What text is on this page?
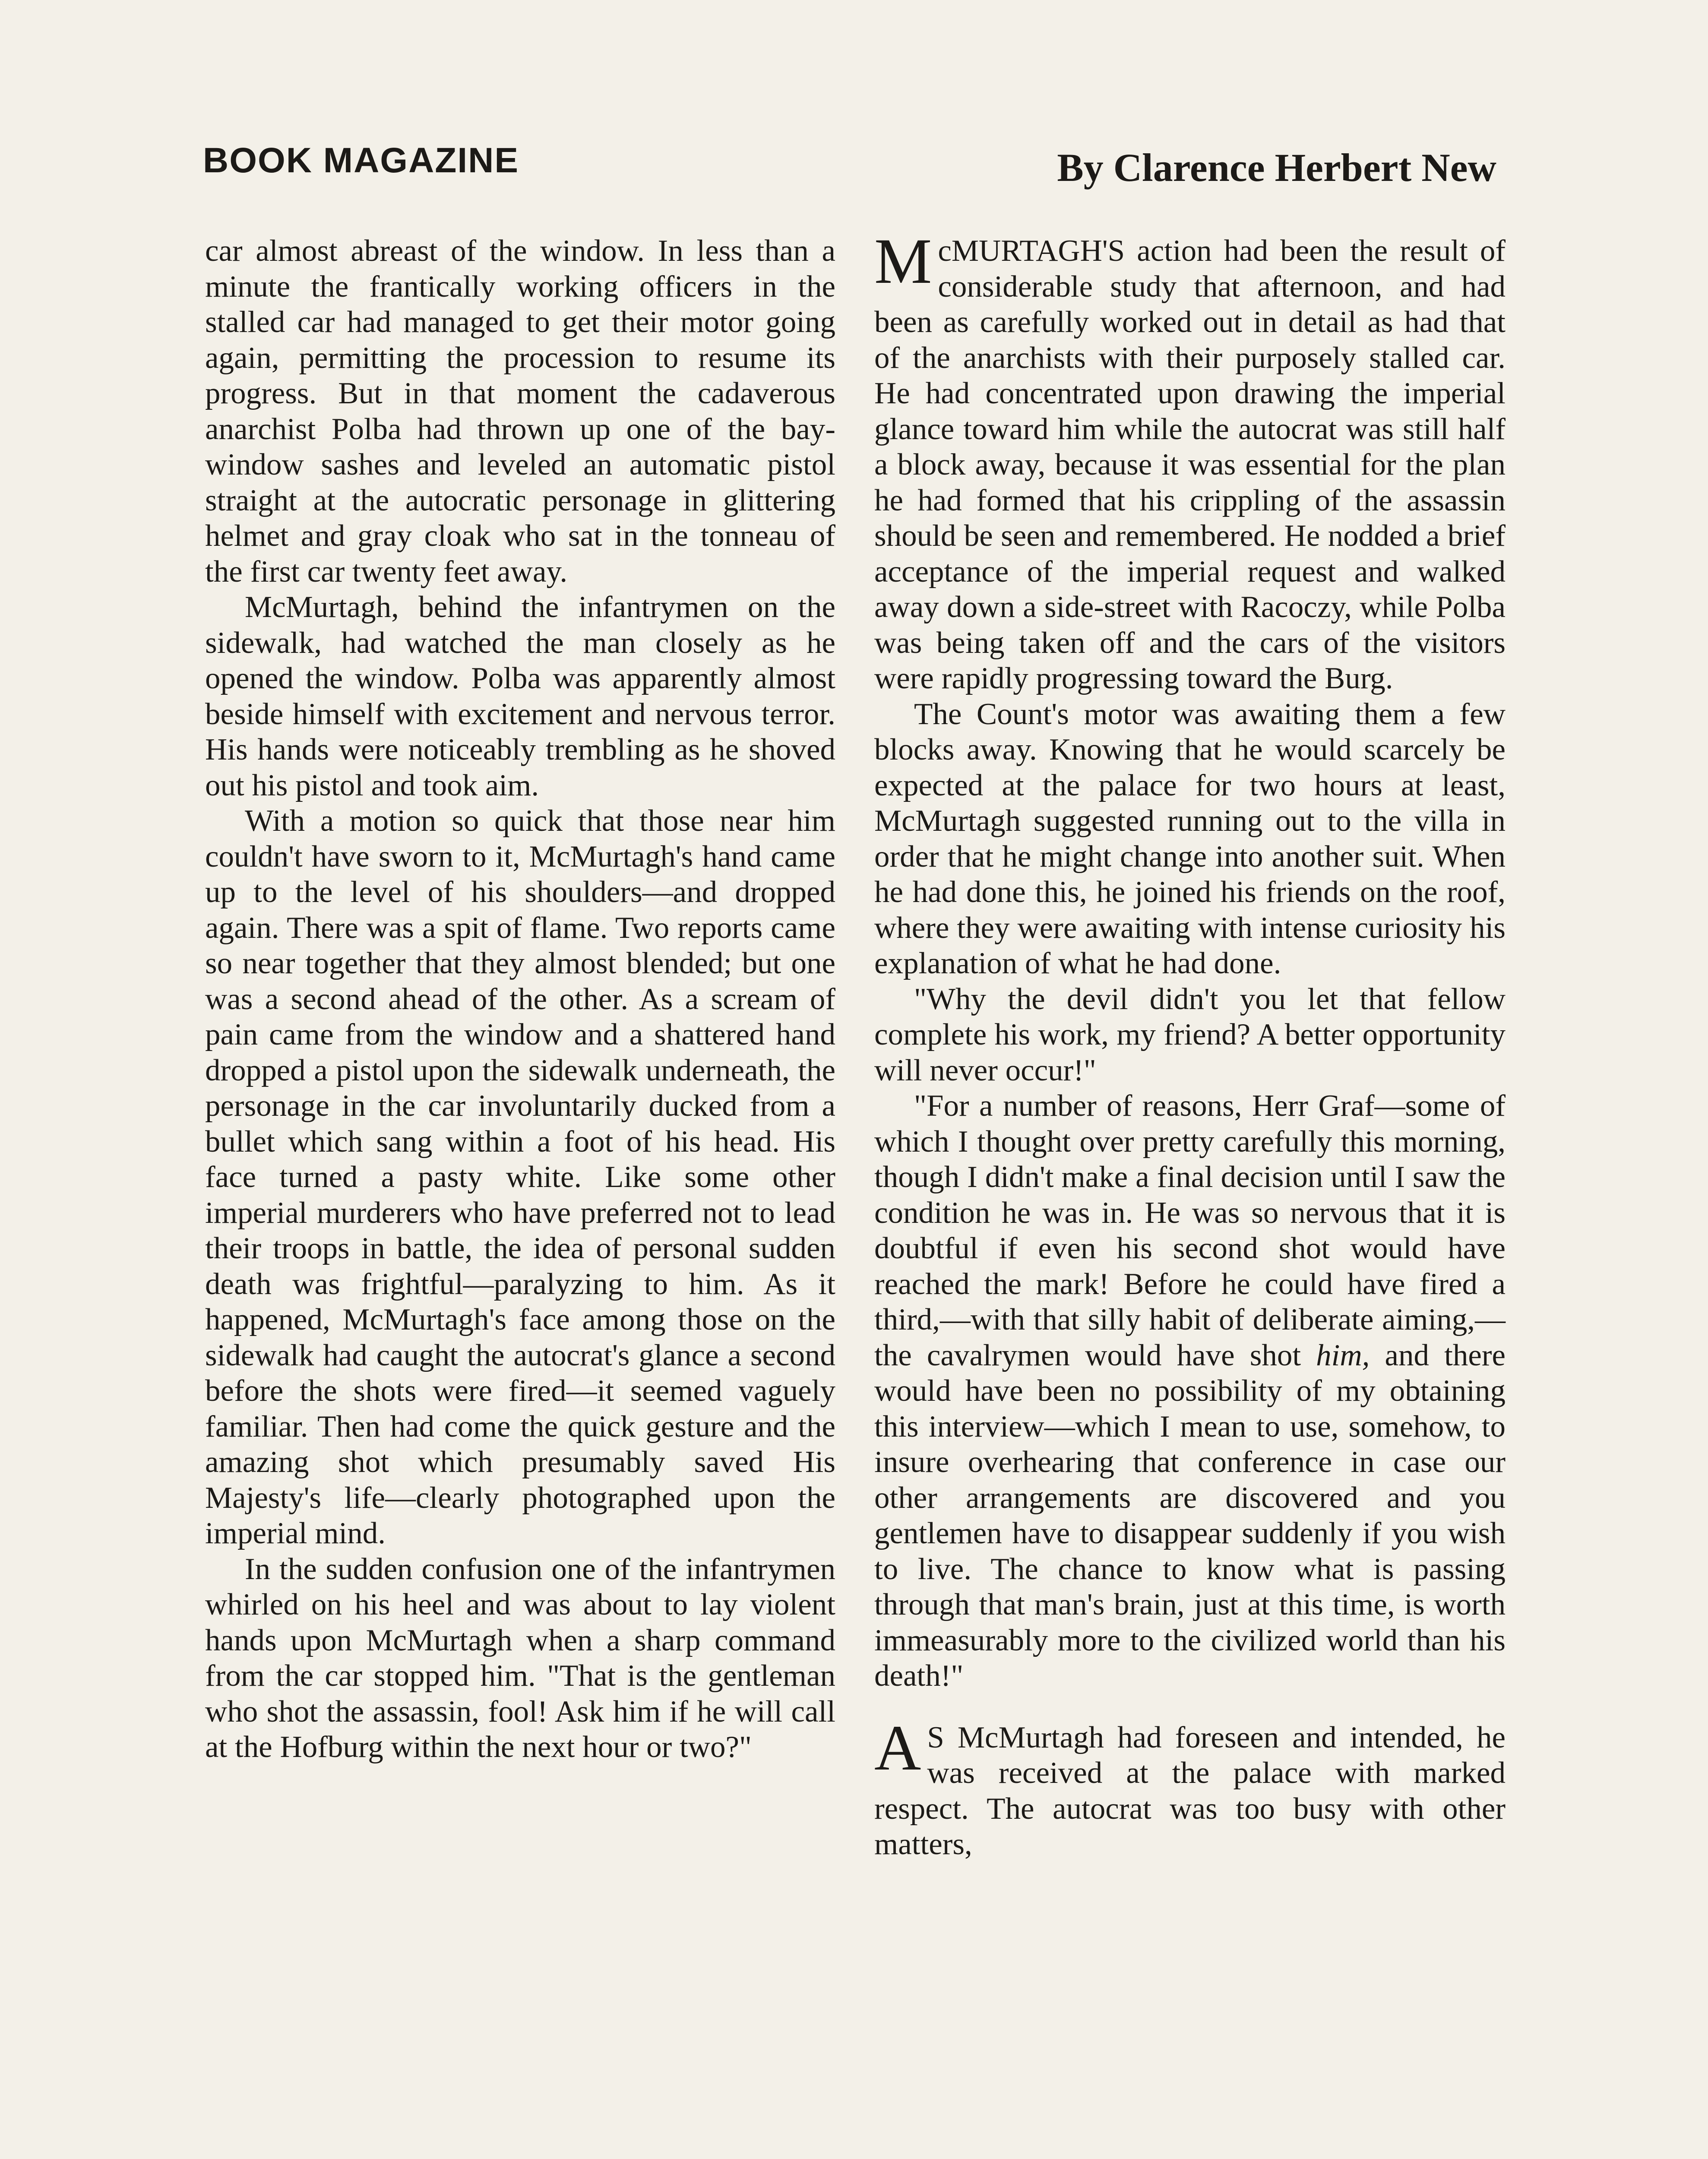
BOOK MAGAZINE	By Clarence Herbert New

car almost abreast of the window. In less than a minute the frantically working officers in the stalled car had managed to get their motor going again, permitting the procession to resume its progress. But in that moment the cadaverous anarchist Polba had thrown up one of the bay-window sashes and leveled an automatic pistol straight at the autocratic personage in glittering helmet and gray cloak who sat in the tonneau of the first car twenty feet away.

McMurtagh, behind the infantrymen on the sidewalk, had watched the man closely as he opened the window. Polba was apparently almost beside himself with excitement and nervous terror. His hands were noticeably trembling as he shoved out his pistol and took aim.

With a motion so quick that those near him couldn't have sworn to it, McMurtagh's hand came up to the level of his shoulders—and dropped again. There was a spit of flame. Two reports came so near together that they almost blended; but one was a second ahead of the other. As a scream of pain came from the window and a shattered hand dropped a pistol upon the sidewalk underneath, the personage in the car involuntarily ducked from a bullet which sang within a foot of his head. His face turned a pasty white. Like some other imperial murderers who have preferred not to lead their troops in battle, the idea of personal sudden death was frightful—paralyzing to him. As it happened, McMurtagh's face among those on the sidewalk had caught the autocrat's glance a second before the shots were fired—it seemed vaguely familiar. Then had come the quick gesture and the amazing shot which presumably saved His Majesty's life—clearly photographed upon the imperial mind.

In the sudden confusion one of the infantrymen whirled on his heel and was about to lay violent hands upon McMurtagh when a sharp command from the car stopped him. "That is the gentleman who shot the assassin, fool! Ask him if he will call at the Hofburg within the next hour or two?"

McMURTAGH'S action had been the result of considerable study that afternoon, and had been as carefully worked out in detail as had that of the anarchists with their purposely stalled car. He had concentrated upon drawing the imperial glance toward him while the autocrat was still half a block away, because it was essential for the plan he had formed that his crippling of the assassin should be seen and remembered. He nodded a brief acceptance of the imperial request and walked away down a side-street with Racoczy, while Polba was being taken off and the cars of the visitors were rapidly progressing toward the Burg.

The Count's motor was awaiting them a few blocks away. Knowing that he would scarcely be expected at the palace for two hours at least, McMurtagh suggested running out to the villa in order that he might change into another suit. When he had done this, he joined his friends on the roof, where they were awaiting with intense curiosity his explanation of what he had done.

"Why the devil didn't you let that fellow complete his work, my friend? A better opportunity will never occur!"

"For a number of reasons, Herr Graf—some of which I thought over pretty carefully this morning, though I didn't make a final decision until I saw the condition he was in. He was so nervous that it is doubtful if even his second shot would have reached the mark! Before he could have fired a third,—with that silly habit of deliberate aiming,—the cavalrymen would have shot him, and there would have been no possibility of my obtaining this interview—which I mean to use, somehow, to insure overhearing that conference in case our other arrangements are discovered and you gentlemen have to disappear suddenly if you wish to live. The chance to know what is passing through that man's brain, just at this time, is worth immeasurably more to the civilized world than his death!"

A S McMurtagh had foreseen and intended, he was received at the palace with marked respect. The autocrat was too busy with other matters,
